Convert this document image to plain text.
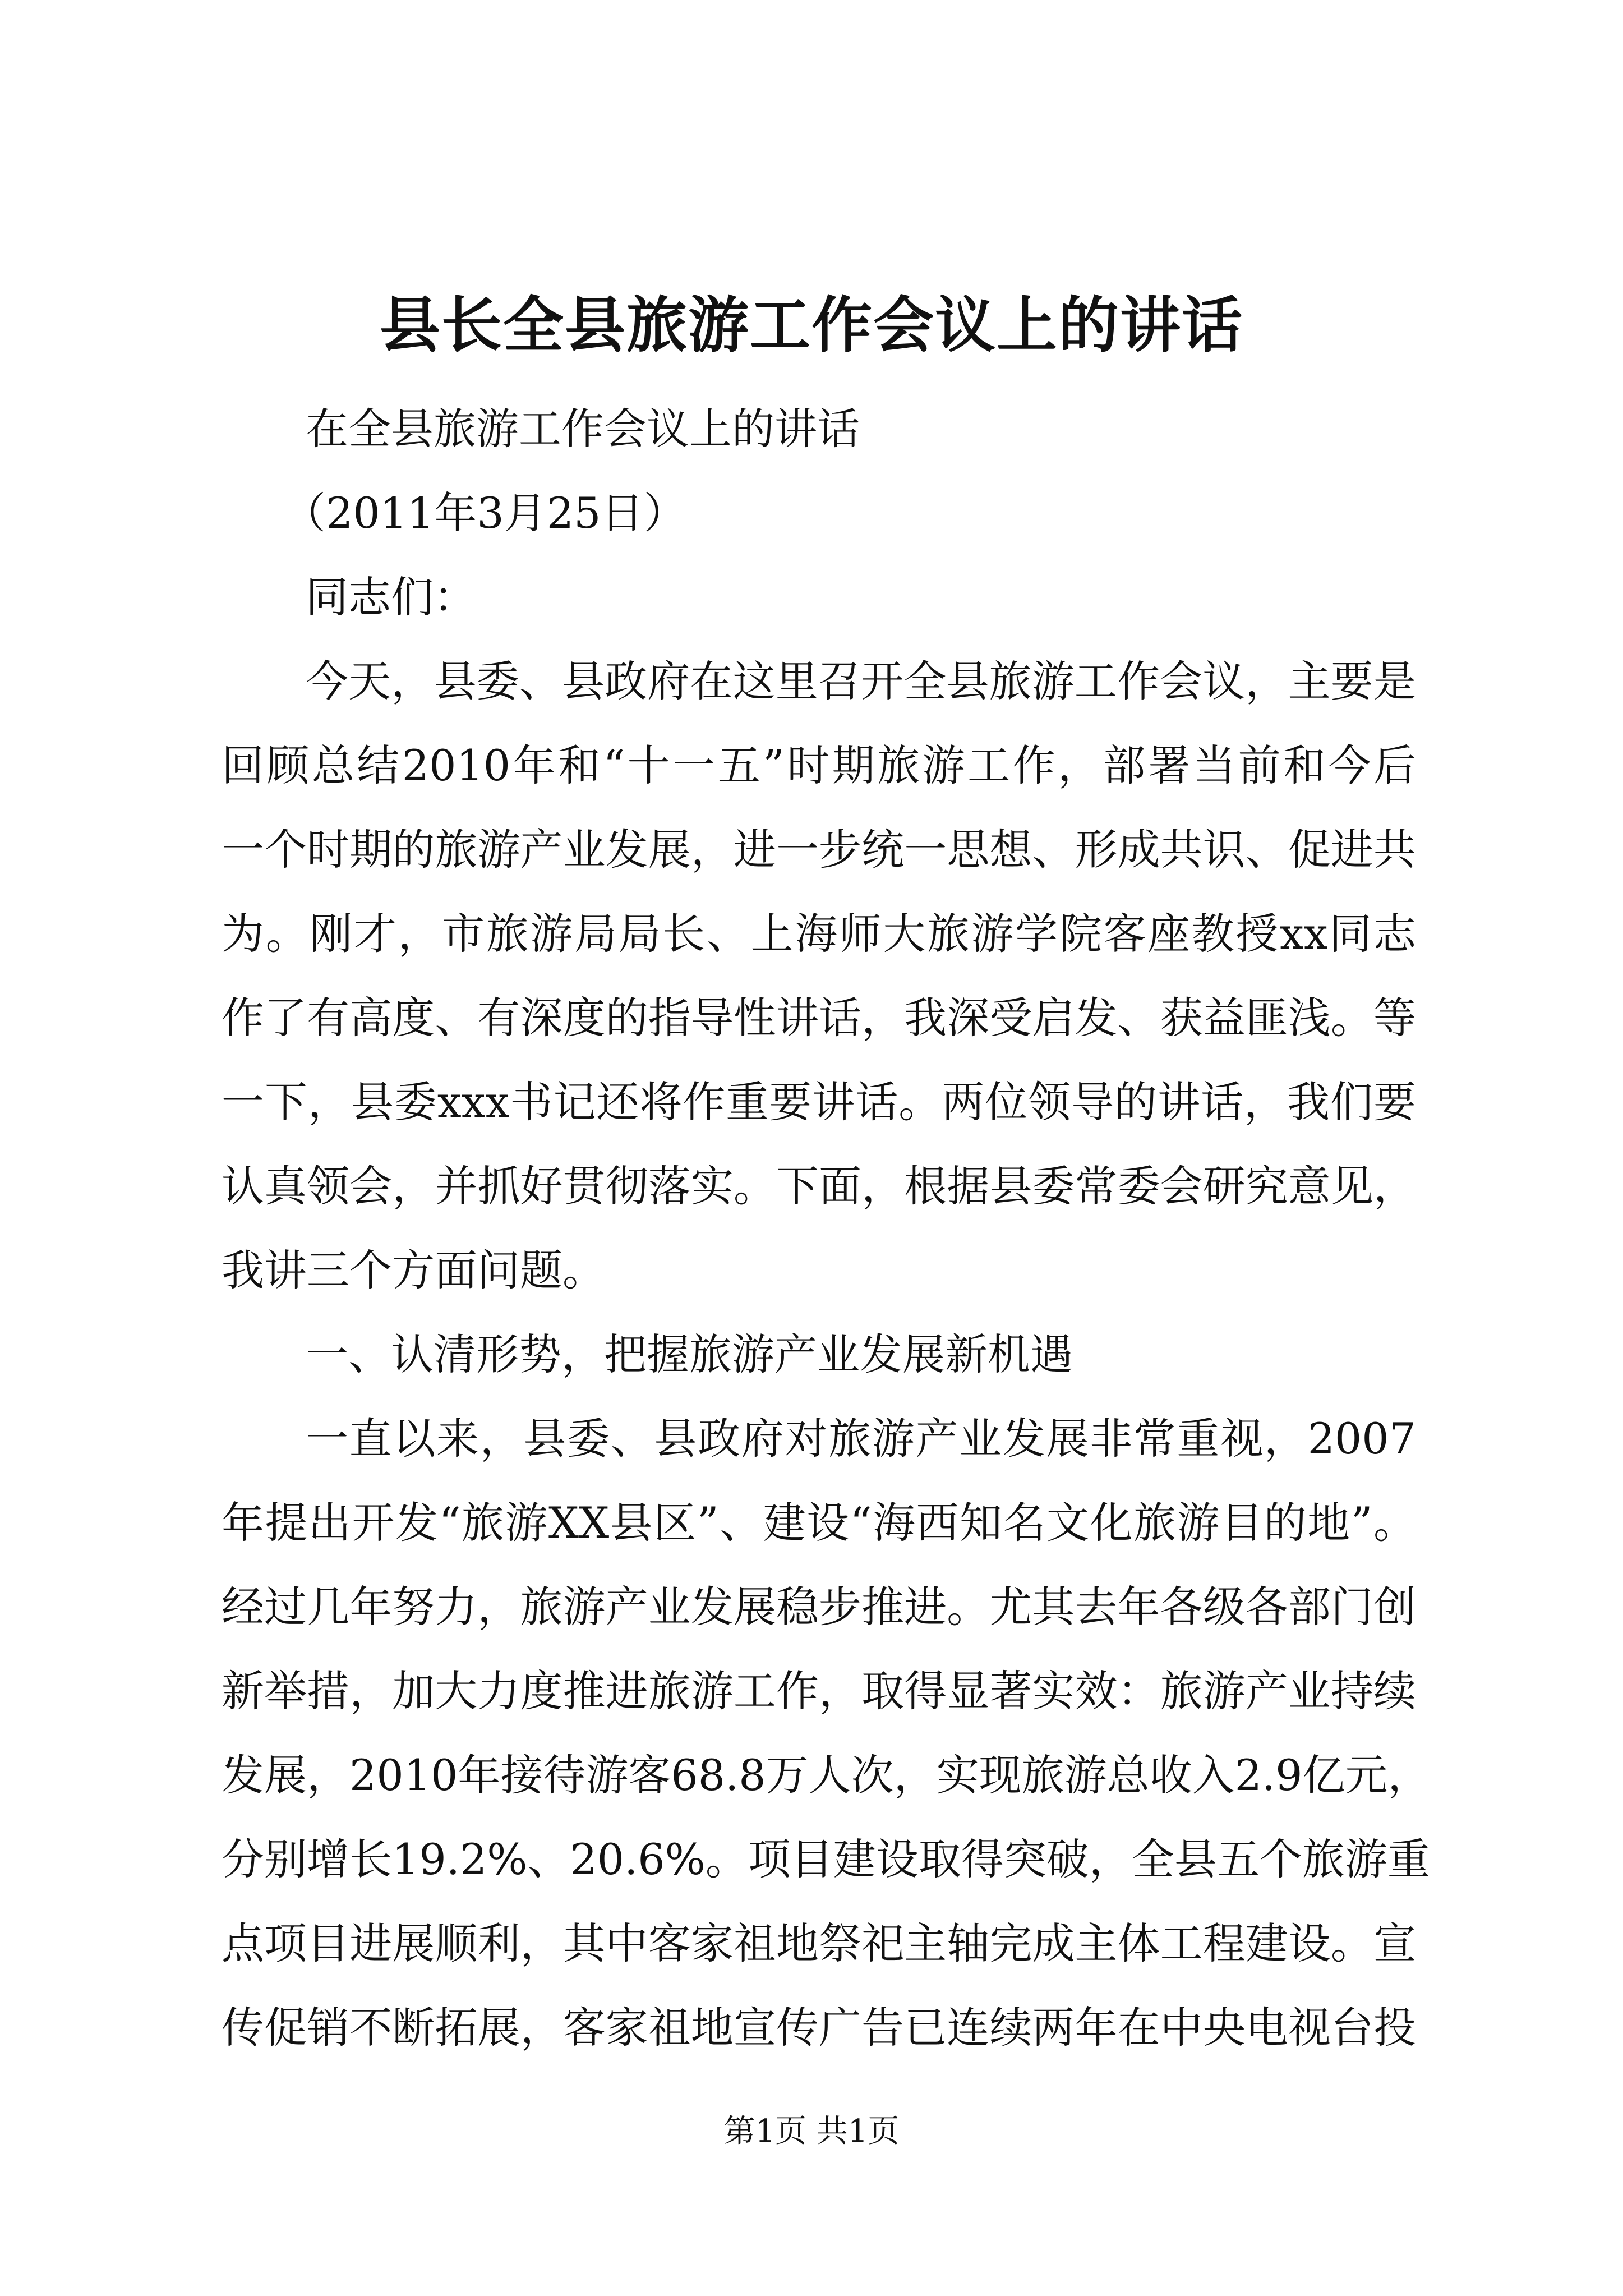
县长全县旅游工作会议上的讲话

在全县旅游工作会议上的讲话

（2011年3月25日）

同志们：

今天，县委、县政府在这里召开全县旅游工作会议，主要是

回顾总结2010年和“十一五”时期旅游工作，部署当前和今后

一个时期的旅游产业发展，进一步统一思想、形成共识、促进共

为。刚才，市旅游局局长、上海师大旅游学院客座教授xx同志

作了有高度、有深度的指导性讲话，我深受启发、获益匪浅。等

一下，县委xxx书记还将作重要讲话。两位领导的讲话，我们要

认真领会，并抓好贯彻落实。下面，根据县委常委会研究意见，

我讲三个方面问题。

一、认清形势，把握旅游产业发展新机遇

一直以来，县委、县政府对旅游产业发展非常重视，2007

年提出开发“旅游XX县区”、建设“海西知名文化旅游目的地”。

经过几年努力，旅游产业发展稳步推进。尤其去年各级各部门创

新举措，加大力度推进旅游工作，取得显著实效：旅游产业持续

发展，2010年接待游客68.8万人次，实现旅游总收入2.9亿元，

分别增长19.2%、20.6%。项目建设取得突破，全县五个旅游重

点项目进展顺利，其中客家祖地祭祀主轴完成主体工程建设。宣

传促销不断拓展，客家祖地宣传广告已连续两年在中央电视台投

第1页 共1页
